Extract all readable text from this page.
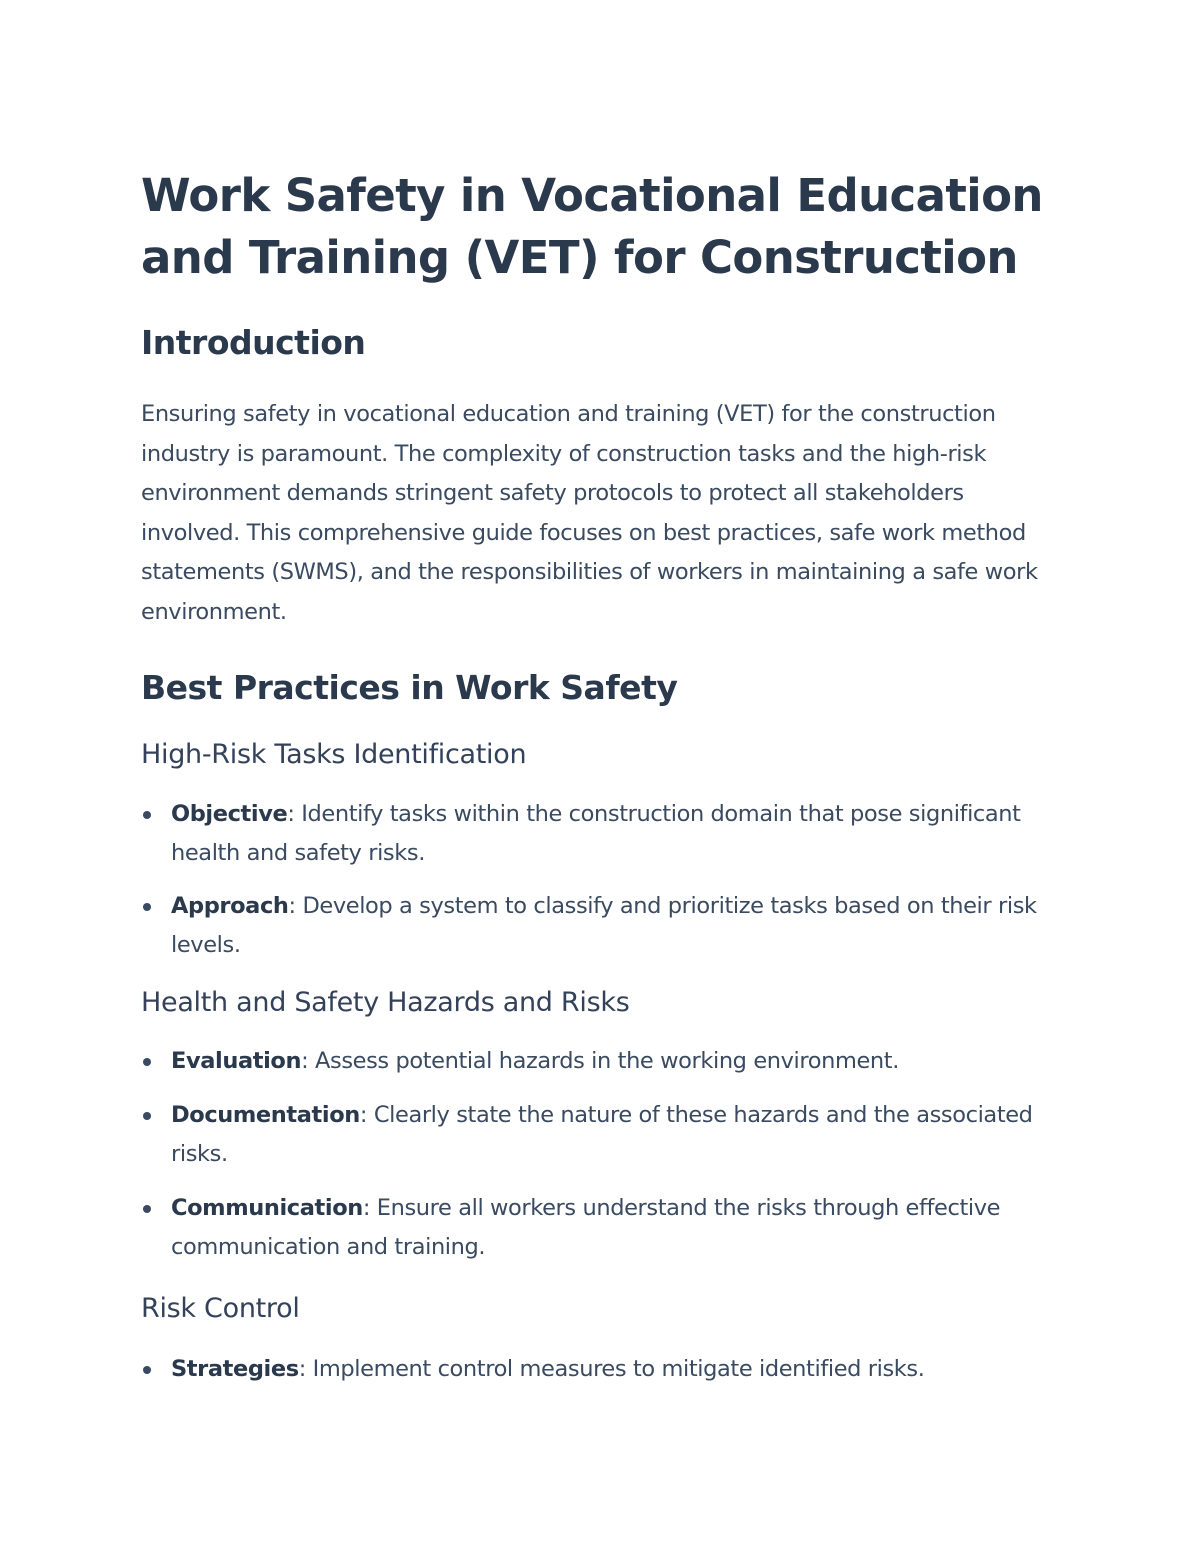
Work Safety in Vocational Education and Training (VET) for Construction
Introduction

Ensuring safety in vocational education and training (VET) for the construction industry is paramount. The complexity of construction tasks and the high-risk environment demands stringent safety protocols to protect all stakeholders involved. This comprehensive guide focuses on best practices, safe work method statements (SWMS), and the responsibilities of workers in maintaining a safe work environment.

Best Practices in Work Safety
High-Risk Tasks Identification
Objective: Identify tasks within the construction domain that pose significant health and safety risks.
Approach: Develop a system to classify and prioritize tasks based on their risk levels.
Health and Safety Hazards and Risks
Evaluation: Assess potential hazards in the working environment.
Documentation: Clearly state the nature of these hazards and the associated risks.
Communication: Ensure all workers understand the risks through effective communication and training.
Risk Control
Strategies: Implement control measures to mitigate identified risks.
